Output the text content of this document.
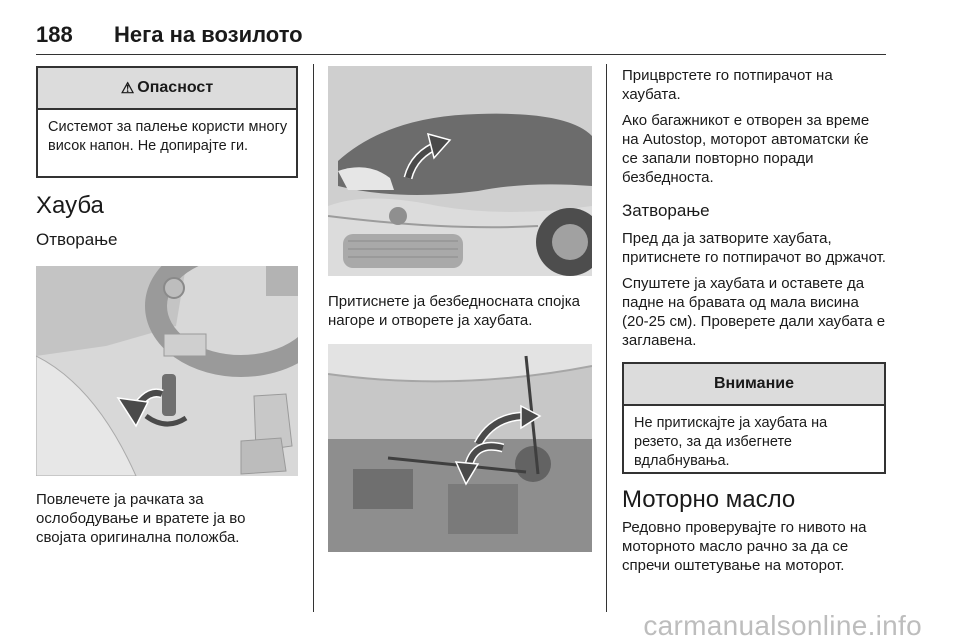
188 Нега на возилото
⚠ Опасност
Системот за палење користи многу висок напон. Не допирајте ги.
Хауба
Отворање

Повлечете ја рачката за ослободување и вратете ја во својата оригинална положба.

Притиснете ја безбедносната спојка нагоре и отворете ја хаубата.

Прицврстете го потпирачот на хаубата.

Ако багажникот е отворен за време на Autostop, моторот автоматски ќе се запали повторно поради безбедноста.

Затворање

Пред да ја затворите хаубата, притиснете го потпирачот во држачот.

Спуштете ја хаубата и оставете да падне на бравата од мала висина (20-25 см). Проверете дали хаубата е заглавена.

Внимание
Не притискајте ја хаубата на резето, за да избегнете вдлабнувања.
Моторно масло

Редовно проверувајте го нивото на моторното масло рачно за да се спречи оштетување на моторот.

carmanualsonline.info
